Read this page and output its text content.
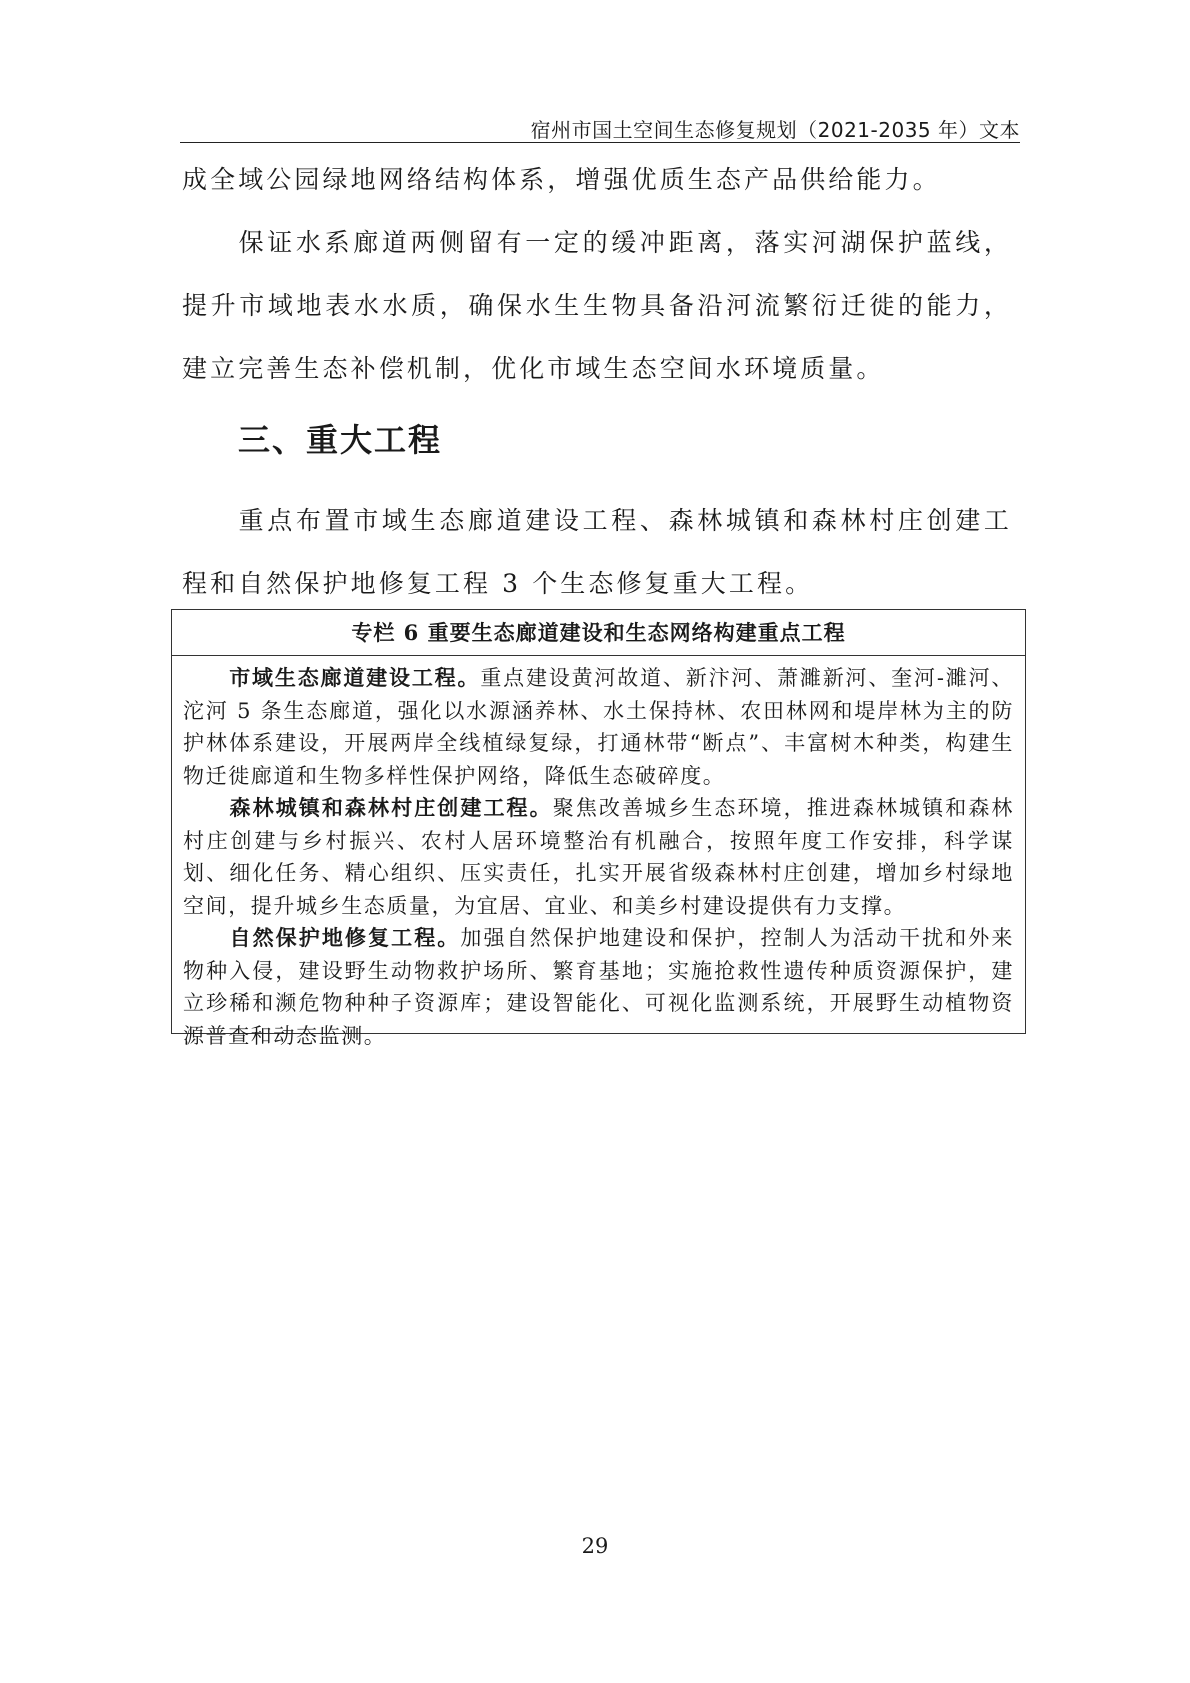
宿州市国土空间生态修复规划（2021-2035 年）文本

成全域公园绿地网络结构体系，增强优质生态产品供给能力。

保证水系廊道两侧留有一定的缓冲距离，落实河湖保护蓝线，提升市域地表水水质，确保水生生物具备沿河流繁衍迁徙的能力，建立完善生态补偿机制，优化市域生态空间水环境质量。

三、重大工程

重点布置市域生态廊道建设工程、森林城镇和森林村庄创建工程和自然保护地修复工程 3 个生态修复重大工程。

专栏 6 重要生态廊道建设和生态网络构建重点工程

市域生态廊道建设工程。重点建设黄河故道、新汴河、萧濉新河、奎河-濉河、沱河 5 条生态廊道，强化以水源涵养林、水土保持林、农田林网和堤岸林为主的防护林体系建设，开展两岸全线植绿复绿，打通林带“断点”、丰富树木种类，构建生物迁徙廊道和生物多样性保护网络，降低生态破碎度。

森林城镇和森林村庄创建工程。聚焦改善城乡生态环境，推进森林城镇和森林村庄创建与乡村振兴、农村人居环境整治有机融合，按照年度工作安排，科学谋划、细化任务、精心组织、压实责任，扎实开展省级森林村庄创建，增加乡村绿地空间，提升城乡生态质量，为宜居、宜业、和美乡村建设提供有力支撑。

自然保护地修复工程。加强自然保护地建设和保护，控制人为活动干扰和外来物种入侵，建设野生动物救护场所、繁育基地；实施抢救性遗传种质资源保护，建立珍稀和濒危物种种子资源库；建设智能化、可视化监测系统，开展野生动植物资源普查和动态监测。

29
